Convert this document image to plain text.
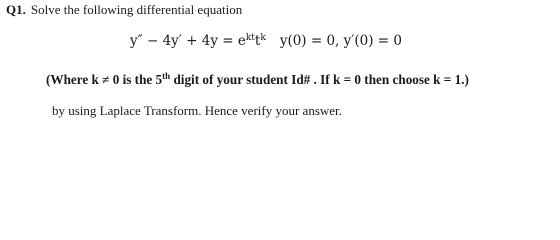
Q1. Solve the following differential equation
$y'' - 4y' + 4y = e^{kt}t^k$ y(0) = 0, y′(0) = 0
(Where k ≠ 0 is the 5th digit of your student Id# . If k = 0 then choose k = 1.)
by using Laplace Transform. Hence verify your answer.
